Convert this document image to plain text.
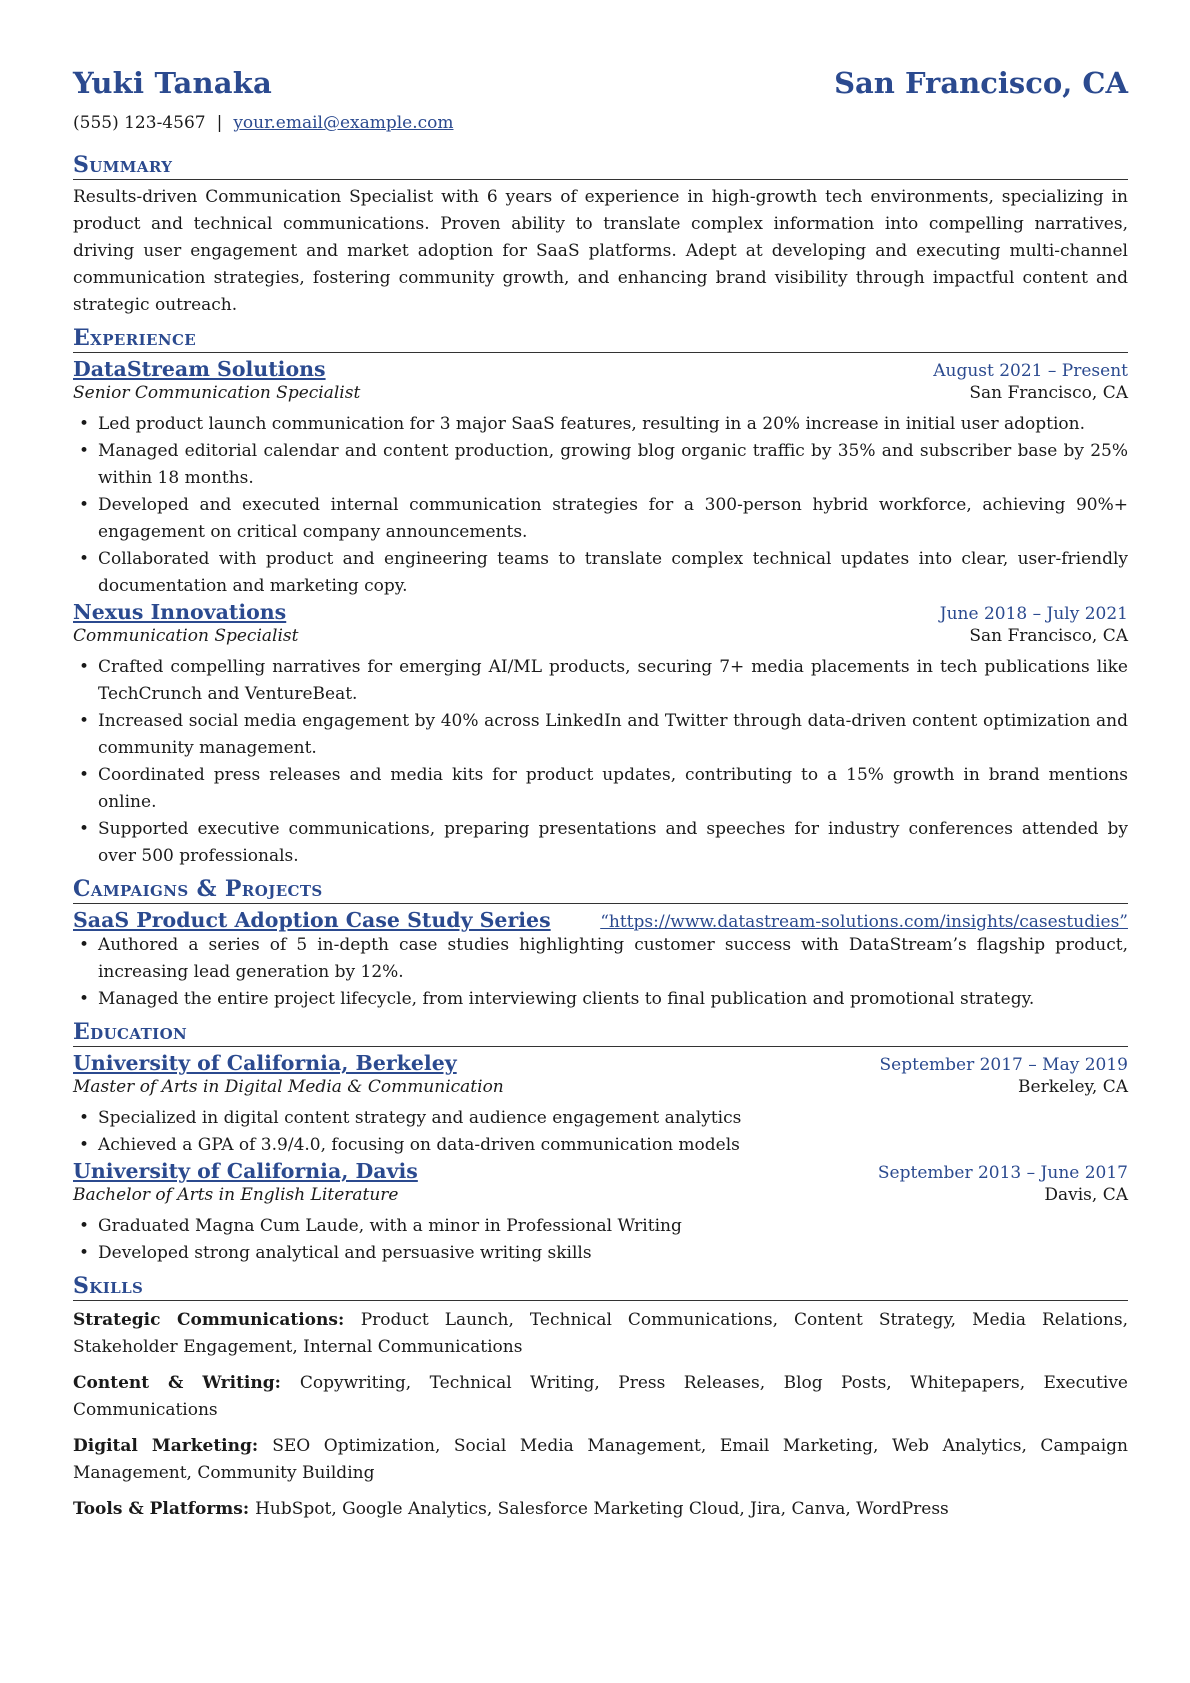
Yuki Tanaka	San Francisco, CA
(555) 123-4567 | your.email@example.com
Summary
Results-driven Communication Specialist with 6 years of experience in high-growth tech environments, specializing in product and technical communications. Proven ability to translate complex information into compelling narratives, driving user engagement and market adoption for SaaS platforms. Adept at developing and executing multi-channel communication strategies, fostering community growth, and enhancing brand visibility through impactful content and strategic outreach.
Experience
DataStream Solutions	August 2021 – Present
Senior Communication Specialist	San Francisco, CA
• Led product launch communication for 3 major SaaS features, resulting in a 20% increase in initial user adoption.
• Managed editorial calendar and content production, growing blog organic traffic by 35% and subscriber base by 25% within 18 months.
• Developed and executed internal communication strategies for a 300-person hybrid workforce, achieving 90%+ engagement on critical company announcements.
• Collaborated with product and engineering teams to translate complex technical updates into clear, user-friendly documentation and marketing copy.
Nexus Innovations	June 2018 – July 2021
Communication Specialist	San Francisco, CA
• Crafted compelling narratives for emerging AI/ML products, securing 7+ media placements in tech publications like TechCrunch and VentureBeat.
• Increased social media engagement by 40% across LinkedIn and Twitter through data-driven content optimization and community management.
• Coordinated press releases and media kits for product updates, contributing to a 15% growth in brand mentions online.
• Supported executive communications, preparing presentations and speeches for industry conferences attended by over 500 professionals.
Campaigns & Projects
SaaS Product Adoption Case Study Series	“https://www.datastream-solutions.com/insights/casestudies”
• Authored a series of 5 in-depth case studies highlighting customer success with DataStream’s flagship product, increasing lead generation by 12%.
• Managed the entire project lifecycle, from interviewing clients to final publication and promotional strategy.
Education
University of California, Berkeley	September 2017 – May 2019
Master of Arts in Digital Media & Communication	Berkeley, CA
• Specialized in digital content strategy and audience engagement analytics
• Achieved a GPA of 3.9/4.0, focusing on data-driven communication models
University of California, Davis	September 2013 – June 2017
Bachelor of Arts in English Literature	Davis, CA
• Graduated Magna Cum Laude, with a minor in Professional Writing
• Developed strong analytical and persuasive writing skills
Skills
Strategic Communications: Product Launch, Technical Communications, Content Strategy, Media Relations, Stakeholder Engagement, Internal Communications
Content & Writing: Copywriting, Technical Writing, Press Releases, Blog Posts, Whitepapers, Executive Communications
Digital Marketing: SEO Optimization, Social Media Management, Email Marketing, Web Analytics, Campaign Management, Community Building
Tools & Platforms: HubSpot, Google Analytics, Salesforce Marketing Cloud, Jira, Canva, WordPress
